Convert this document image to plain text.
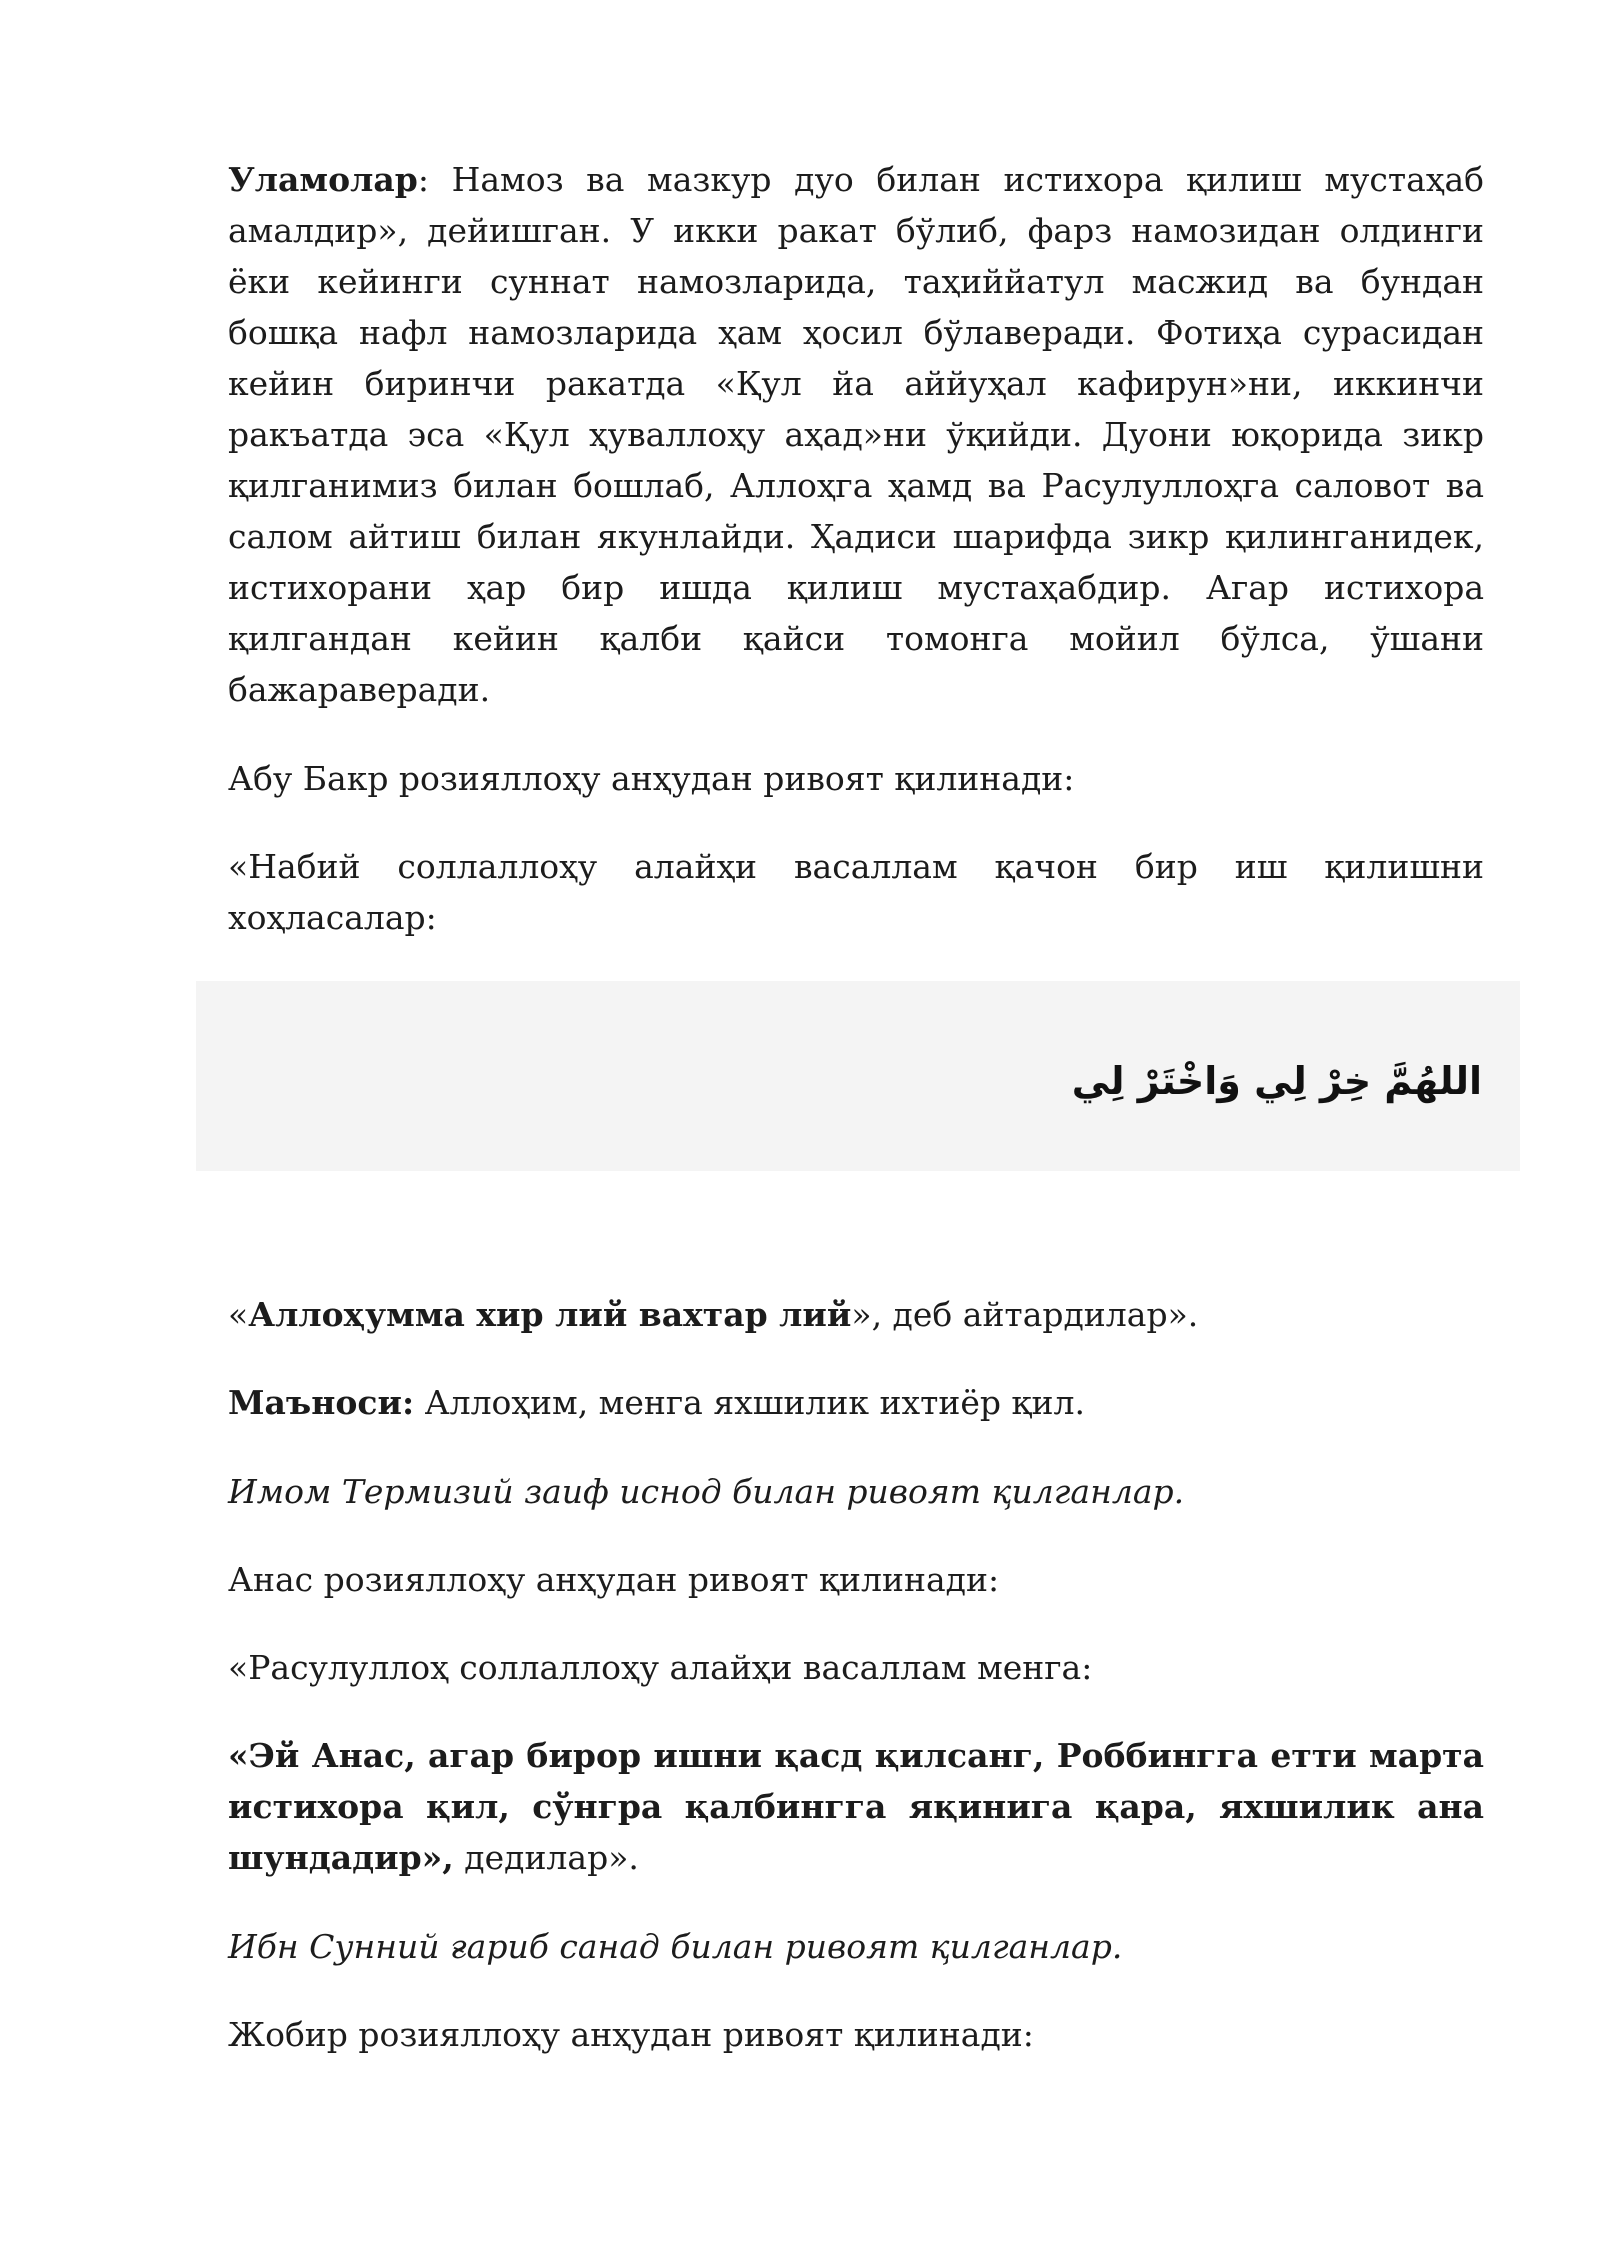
Уламолар: Намоз ва мазкур дуо билан истихора қилиш мустаҳаб амалдир», дейишган. У икки ракат бўлиб, фарз намозидан олдинги ёки кейинги суннат намозларида, таҳиййатул масжид ва бундан бошқа нафл намозларида ҳам ҳосил бўлаверади. Фотиҳа сурасидан кейин биринчи ракатда «Қул йа аййуҳал кафирун»ни, иккинчи ракъатда эса «Қул ҳуваллоҳу аҳад»ни ўқийди. Дуони юқорида зикр қилганимиз билан бошлаб, Аллоҳга ҳамд ва Расулуллоҳга саловот ва салом айтиш билан якунлайди. Ҳадиси шарифда зикр қилинганидек, истихорани ҳар бир ишда қилиш мустаҳабдир. Агар истихора қилгандан кейин қалби қайси томонга мойил бўлса, ўшани бажараверади.

Абу Бакр розияллоҳу анҳудан ривоят қилинади:

«Набий соллаллоҳу алайҳи васаллам қачон бир иш қилишни хоҳласалар:

اللهُمَّ خِرْ لِي وَاخْتَرْ لِي

«Аллоҳумма хир лий вахтар лий», деб айтардилар».

Маъноси: Аллоҳим, менга яхшилик ихтиёр қил.

Имом Термизий заиф иснод билан ривоят қилганлар.

Анас розияллоҳу анҳудан ривоят қилинади:

«Расулуллоҳ соллаллоҳу алайҳи васаллам менга:

«Эй Анас, агар бирор ишни қасд қилсанг, Роббингга етти марта истихора қил, сўнгра қалбингга яқинига қара, яхшилик ана шундадир», дедилар».

Ибн Сунний ғариб санад билан ривоят қилганлар.

Жобир розияллоҳу анҳудан ривоят қилинади:
